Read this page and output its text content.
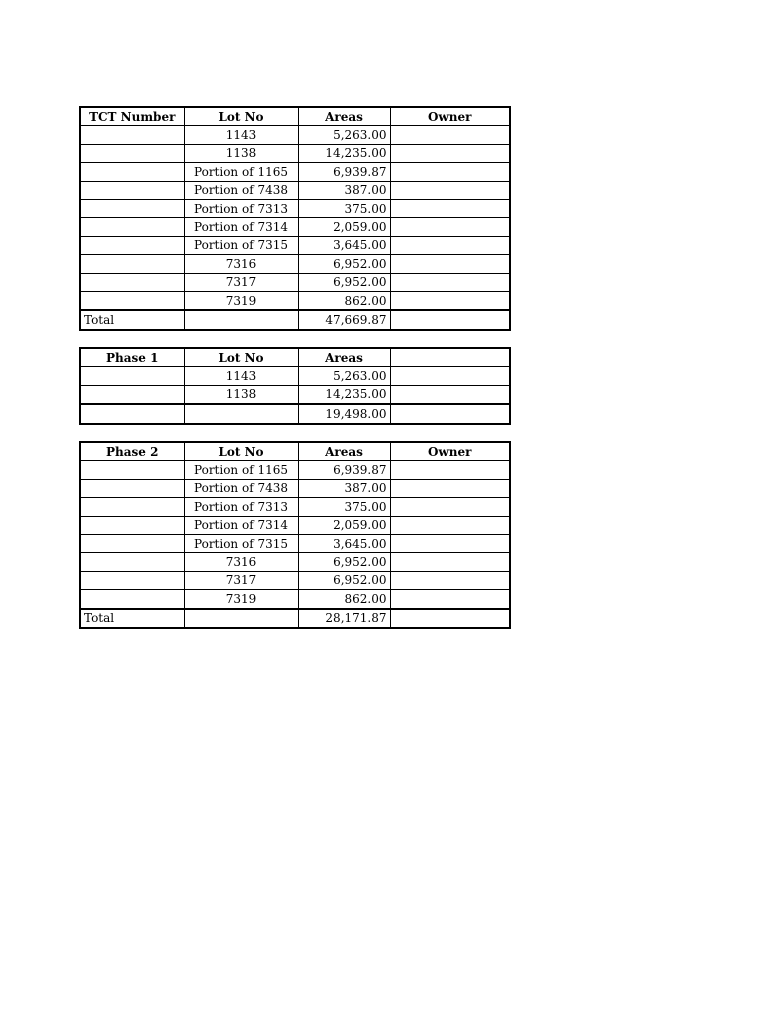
TCT Number	Lot No	Areas	Owner
	1143	5,263.00	
	1138	14,235.00	
	Portion of 1165	6,939.87	
	Portion of 7438	387.00	
	Portion of 7313	375.00	
	Portion of 7314	2,059.00	
	Portion of 7315	3,645.00	
	7316	6,952.00	
	7317	6,952.00	
	7319	862.00	
Total		47,669.87	
Phase 1	Lot No	Areas	
	1143	5,263.00	
	1138	14,235.00	
		19,498.00	
Phase 2	Lot No	Areas	Owner
	Portion of 1165	6,939.87	
	Portion of 7438	387.00	
	Portion of 7313	375.00	
	Portion of 7314	2,059.00	
	Portion of 7315	3,645.00	
	7316	6,952.00	
	7317	6,952.00	
	7319	862.00	
Total		28,171.87	
